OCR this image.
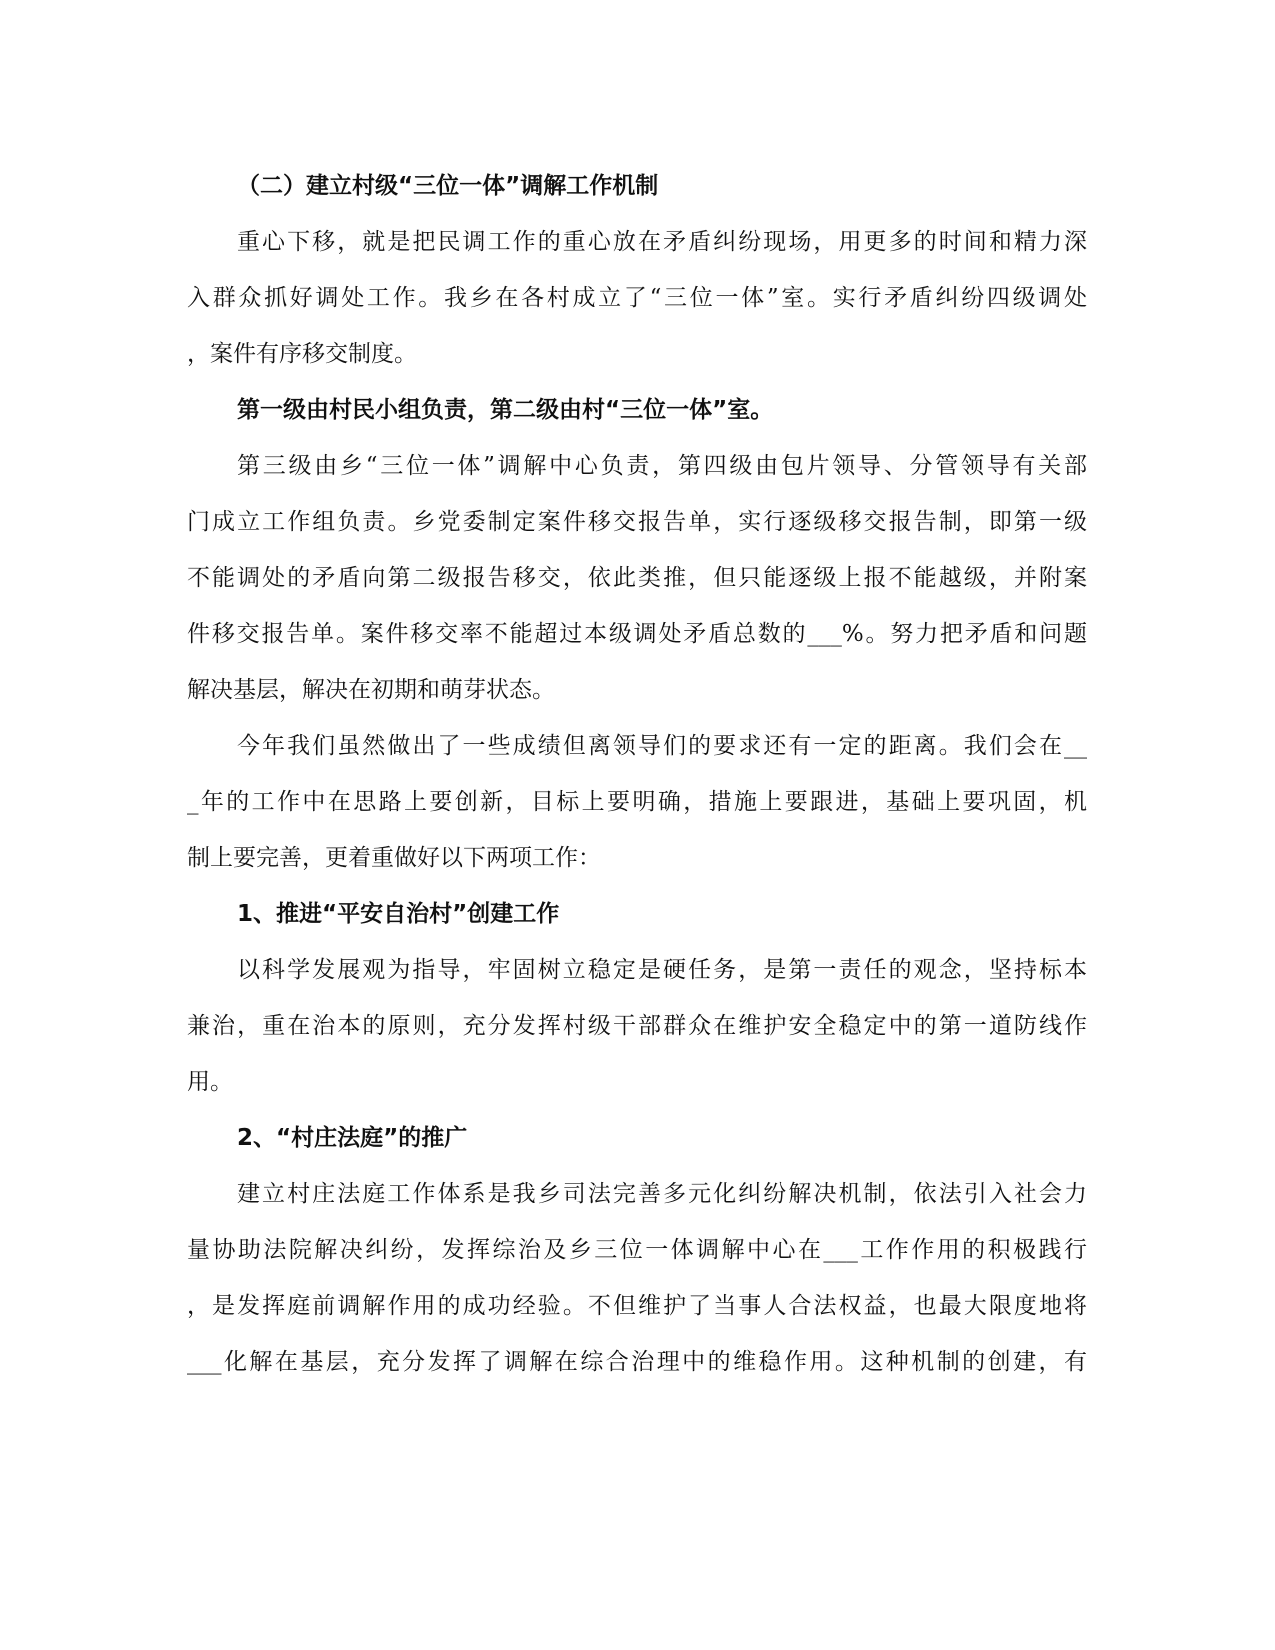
（二）建立村级“三位一体”调解工作机制
重心下移，就是把民调工作的重心放在矛盾纠纷现场，用更多的时间和精力深
入群众抓好调处工作。我乡在各村成立了“三位一体”室。实行矛盾纠纷四级调处
，案件有序移交制度。
第一级由村民小组负责，第二级由村“三位一体”室。
第三级由乡“三位一体”调解中心负责，第四级由包片领导、分管领导有关部
门成立工作组负责。乡党委制定案件移交报告单，实行逐级移交报告制，即第一级
不能调处的矛盾向第二级报告移交，依此类推，但只能逐级上报不能越级，并附案
件移交报告单。案件移交率不能超过本级调处矛盾总数的___%。努力把矛盾和问题
解决基层，解决在初期和萌芽状态。
今年我们虽然做出了一些成绩但离领导们的要求还有一定的距离。我们会在__
_年的工作中在思路上要创新，目标上要明确，措施上要跟进，基础上要巩固，机
制上要完善，更着重做好以下两项工作：
1、推进“平安自治村”创建工作
以科学发展观为指导，牢固树立稳定是硬任务，是第一责任的观念，坚持标本
兼治，重在治本的原则，充分发挥村级干部群众在维护安全稳定中的第一道防线作
用。
2、“村庄法庭”的推广
建立村庄法庭工作体系是我乡司法完善多元化纠纷解决机制，依法引入社会力
量协助法院解决纠纷，发挥综治及乡三位一体调解中心在___工作作用的积极践行
，是发挥庭前调解作用的成功经验。不但维护了当事人合法权益，也最大限度地将
___化解在基层，充分发挥了调解在综合治理中的维稳作用。这种机制的创建，有
